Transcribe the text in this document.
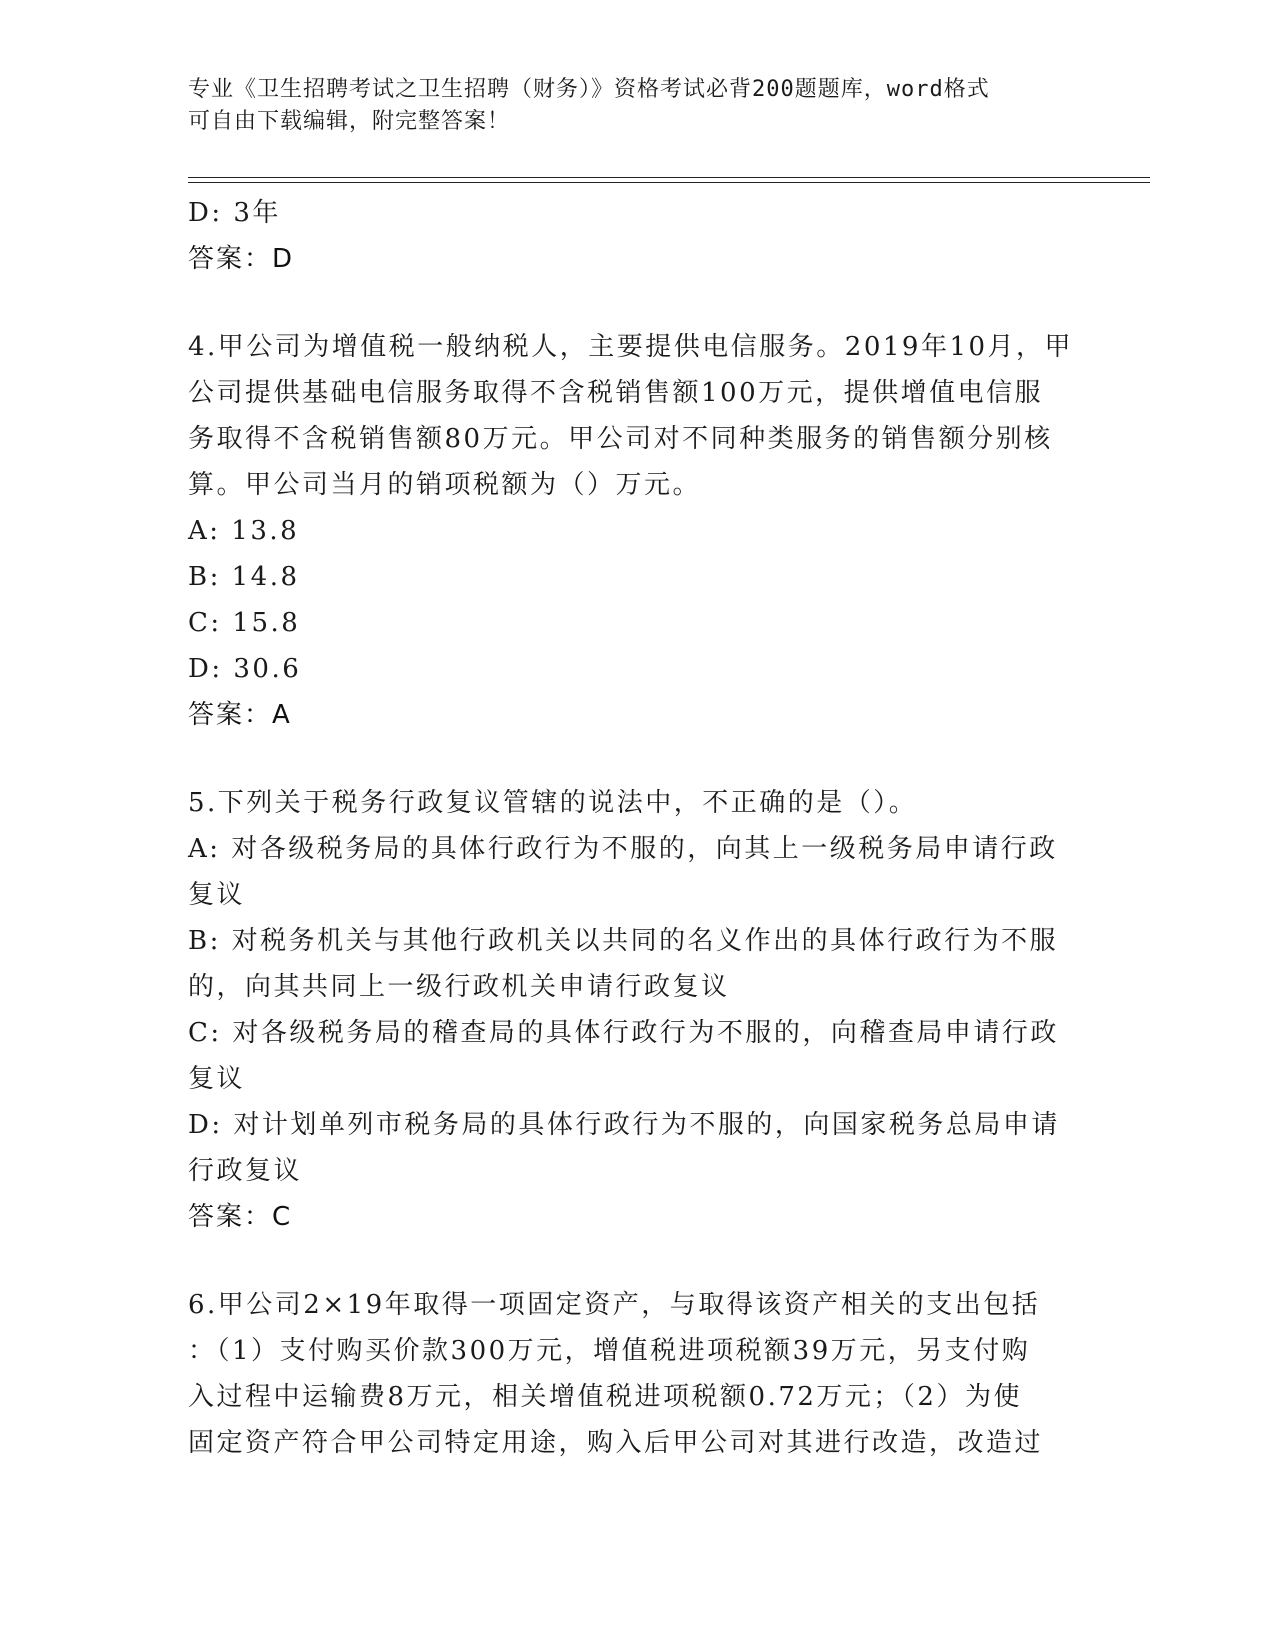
专业《卫生招聘考试之卫生招聘（财务）》资格考试必背200题题库，word格式
可自由下载编辑，附完整答案！
D: 3年
答案：D
4.甲公司为增值税一般纳税人，主要提供电信服务。2019年10月，甲
公司提供基础电信服务取得不含税销售额100万元，提供增值电信服
务取得不含税销售额80万元。甲公司对不同种类服务的销售额分别核
算。甲公司当月的销项税额为（）万元。
A: 13.8
B: 14.8
C: 15.8
D: 30.6
答案：A
5.下列关于税务行政复议管辖的说法中，不正确的是（）。
A: 对各级税务局的具体行政行为不服的，向其上一级税务局申请行政
复议
B: 对税务机关与其他行政机关以共同的名义作出的具体行政行为不服
的，向其共同上一级行政机关申请行政复议
C: 对各级税务局的稽查局的具体行政行为不服的，向稽查局申请行政
复议
D: 对计划单列市税务局的具体行政行为不服的，向国家税务总局申请
行政复议
答案：C
6.甲公司2×19年取得一项固定资产，与取得该资产相关的支出包括
：（1）支付购买价款300万元，增值税进项税额39万元，另支付购
入过程中运输费8万元，相关增值税进项税额0.72万元；（2）为使
固定资产符合甲公司特定用途，购入后甲公司对其进行改造，改造过
